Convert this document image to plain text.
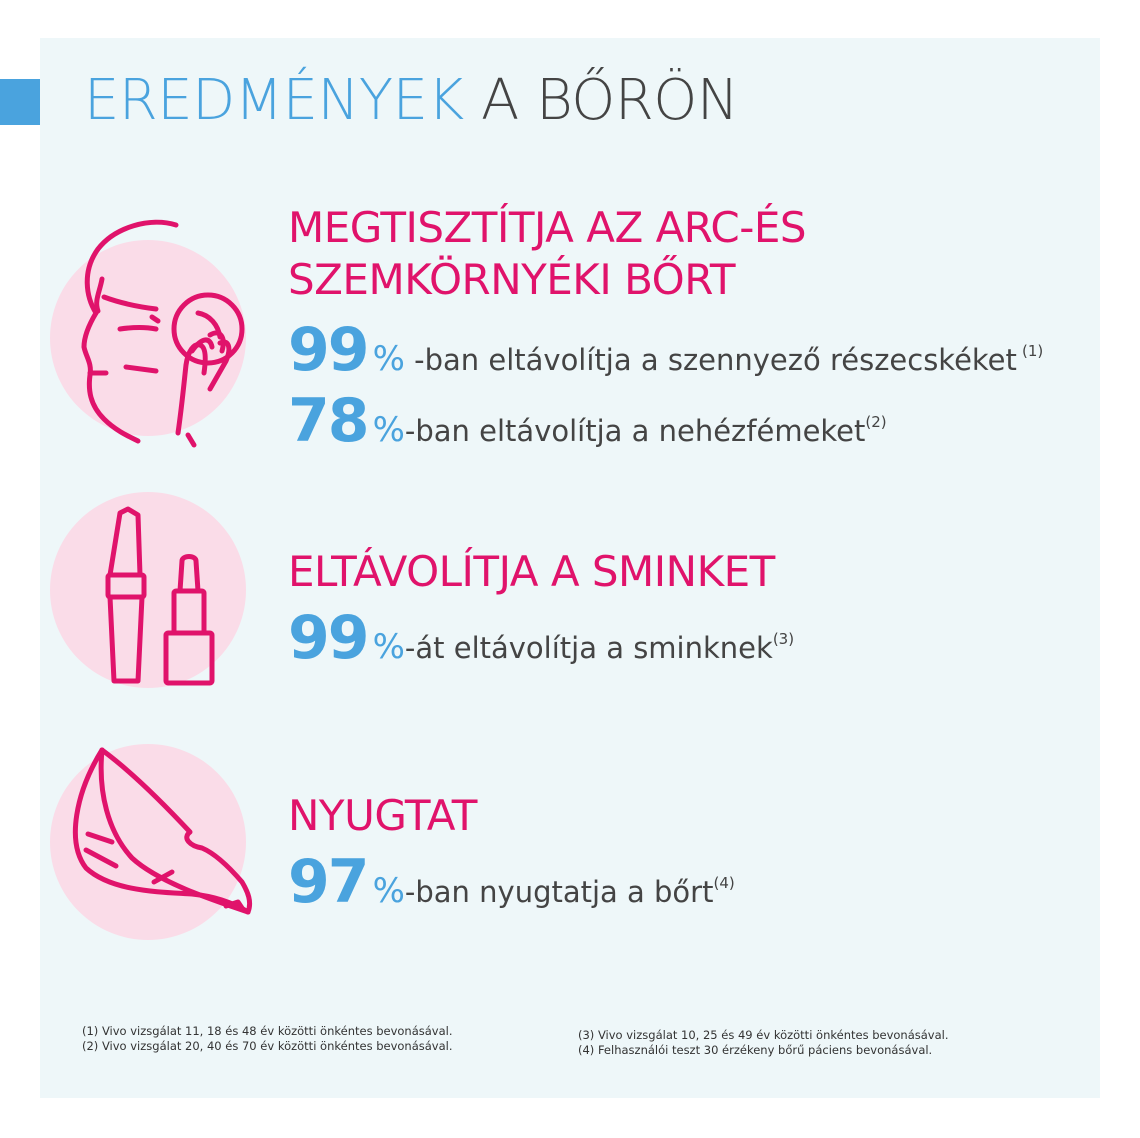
EREDMÉNYEK A BŐRÖN
MEGTISZTÍTJA AZ ARC-ÉS
SZEMKÖRNYÉKI BŐRT
99 % -ban eltávolítja a szennyező részecskéket (1)
78 %-ban eltávolítja a nehézfémeket(2)
ELTÁVOLÍTJA A SMINKET
99 %-át eltávolítja a sminknek(3)
NYUGTAT
97 %-ban nyugtatja a bőrt(4)
(1) Vivo vizsgálat 11, 18 és 48 év közötti önkéntes bevonásával.
(2) Vivo vizsgálat 20, 40 és 70 év közötti önkéntes bevonásával.
(3) Vivo vizsgálat 10, 25 és 49 év közötti önkéntes bevonásával.
(4) Felhasználói teszt 30 érzékeny bőrű páciens bevonásával.
